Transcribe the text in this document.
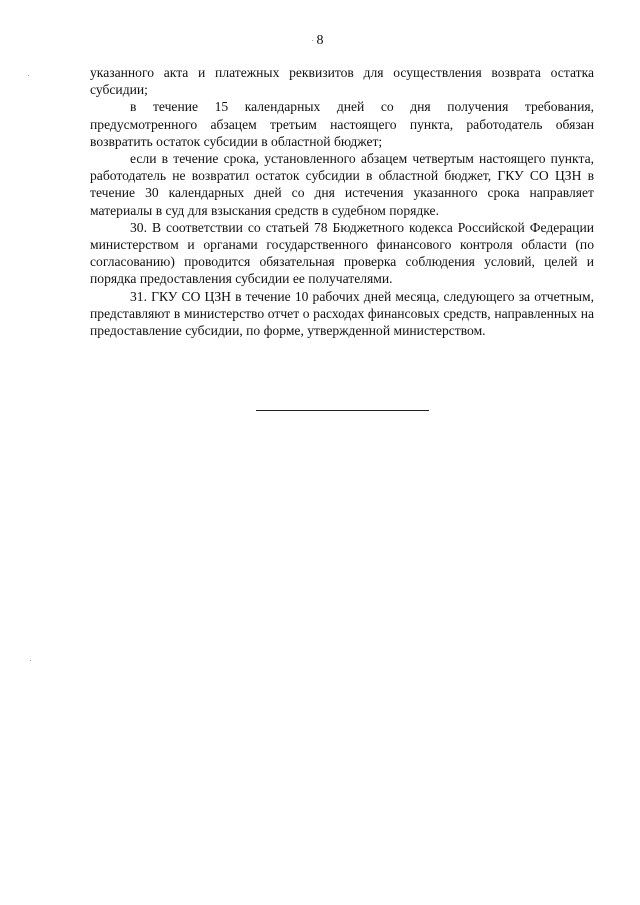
8

указанного акта и платежных реквизитов для осуществления возврата остатка субсидии;

в течение 15 календарных дней со дня получения требования, предусмотренного абзацем третьим настоящего пункта, работодатель обязан возвратить остаток субсидии в областной бюджет;

если в течение срока, установленного абзацем четвертым настоящего пункта, работодатель не возвратил остаток субсидии в областной бюджет, ГКУ СО ЦЗН в течение 30 календарных дней со дня истечения указанного срока направляет материалы в суд для взыскания средств в судебном порядке.

30. В соответствии со статьей 78 Бюджетного кодекса Российской Федерации министерством и органами государственного финансового контроля области (по согласованию) проводится обязательная проверка соблюдения условий, целей и порядка предоставления субсидии ее получателями.

31. ГКУ СО ЦЗН в течение 10 рабочих дней месяца, следующего за отчетным, представляют в министерство отчет о расходах финансовых средств, направленных на предоставление субсидии, по форме, утвержденной министерством.
